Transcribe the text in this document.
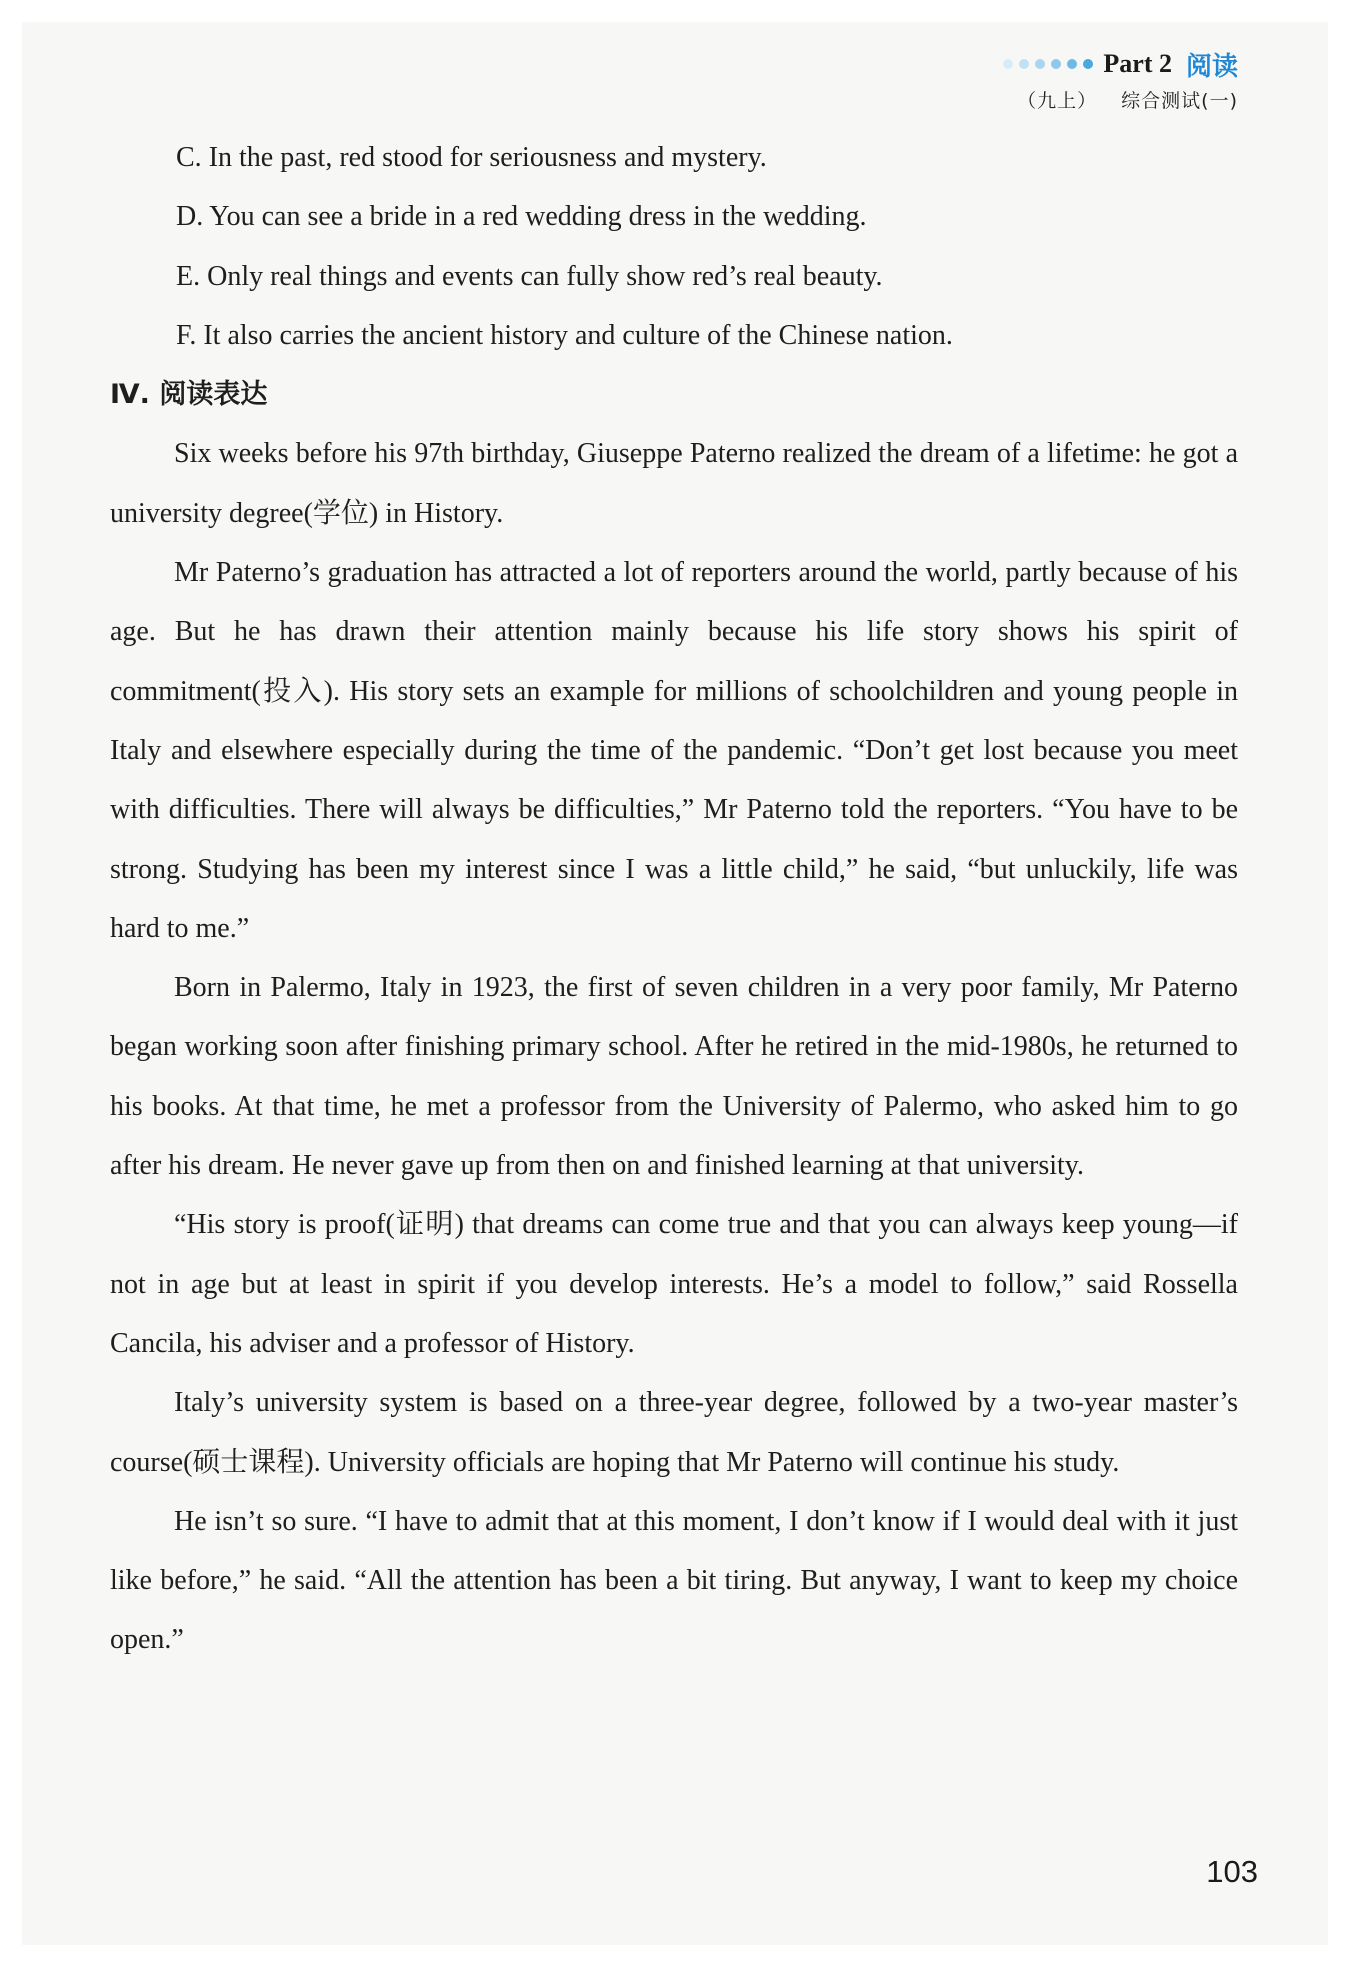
Part 2 阅读
（九上） 综合测试(一)

C. In the past, red stood for seriousness and mystery.

D. You can see a bride in a red wedding dress in the wedding.

E. Only real things and events can fully show red’s real beauty.

F. It also carries the ancient history and culture of the Chinese nation.

Ⅳ. 阅读表达

Six weeks before his 97th birthday, Giuseppe Paterno realized the dream of a lifetime: he got a university degree(学位) in History.

Mr Paterno’s graduation has attracted a lot of reporters around the world, partly because of his age. But he has drawn their attention mainly because his life story shows his spirit of commitment(投入). His story sets an example for millions of schoolchildren and young people in Italy and elsewhere especially during the time of the pandemic. “Don’t get lost because you meet with difficulties. There will always be difficulties,” Mr Paterno told the reporters. “You have to be strong. Studying has been my interest since I was a little child,” he said, “but unluckily, life was hard to me.”

Born in Palermo, Italy in 1923, the first of seven children in a very poor family, Mr Paterno began working soon after finishing primary school. After he retired in the mid-1980s, he returned to his books. At that time, he met a professor from the University of Palermo, who asked him to go after his dream. He never gave up from then on and finished learning at that university.

“His story is proof(证明) that dreams can come true and that you can always keep young—if not in age but at least in spirit if you develop interests. He’s a model to follow,” said Rossella Cancila, his adviser and a professor of History.

Italy’s university system is based on a three-year degree, followed by a two-year master’s course(硕士课程). University officials are hoping that Mr Paterno will continue his study.

He isn’t so sure. “I have to admit that at this moment, I don’t know if I would deal with it just like before,” he said. “All the attention has been a bit tiring. But anyway, I want to keep my choice open.”

103
